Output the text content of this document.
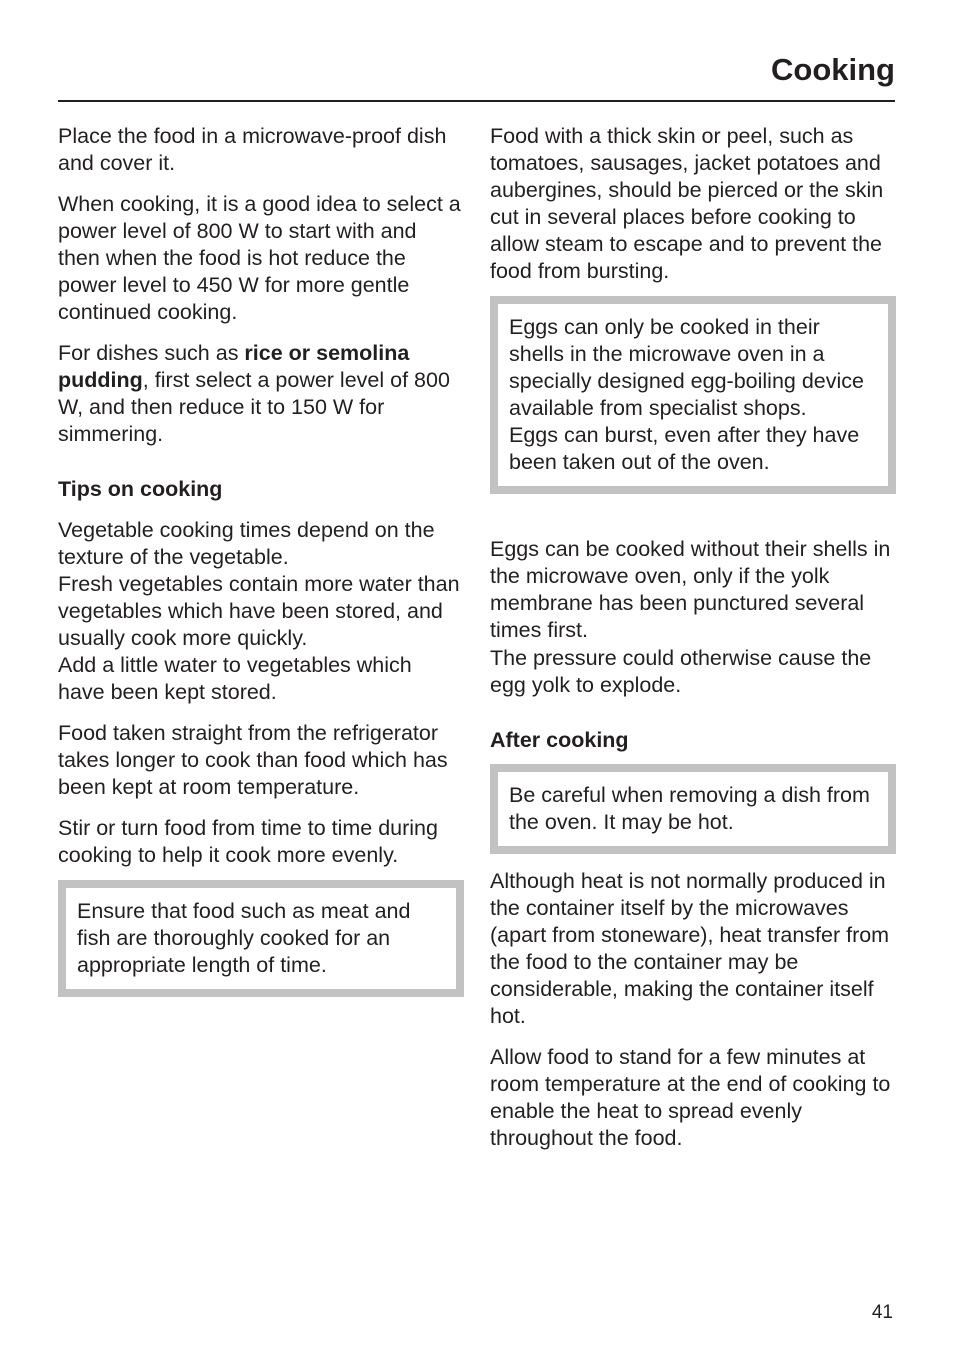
Cooking

Place the food in a microwave-proof dish and cover it.

When cooking, it is a good idea to select a power level of 800 W to start with and then when the food is hot reduce the power level to 450 W for more gentle continued cooking.

For dishes such as rice or semolina pudding, first select a power level of 800 W, and then reduce it to 150 W for simmering.

Tips on cooking

Vegetable cooking times depend on the texture of the vegetable.

Fresh vegetables contain more water than vegetables which have been stored, and usually cook more quickly.

Add a little water to vegetables which have been kept stored.

Food taken straight from the refrigerator takes longer to cook than food which has been kept at room temperature.

Stir or turn food from time to time during cooking to help it cook more evenly.

Ensure that food such as meat and fish are thoroughly cooked for an appropriate length of time.

Food with a thick skin or peel, such as tomatoes, sausages, jacket potatoes and aubergines, should be pierced or the skin cut in several places before cooking to allow steam to escape and to prevent the food from bursting.

Eggs can only be cooked in their shells in the microwave oven in a specially designed egg-boiling device available from specialist shops.

Eggs can burst, even after they have been taken out of the oven.

Eggs can be cooked without their shells in the microwave oven, only if the yolk membrane has been punctured several times first.

The pressure could otherwise cause the egg yolk to explode.

After cooking

Be careful when removing a dish from the oven. It may be hot.

Although heat is not normally produced in the container itself by the microwaves (apart from stoneware), heat transfer from the food to the container may be considerable, making the container itself hot.

Allow food to stand for a few minutes at room temperature at the end of cooking to enable the heat to spread evenly throughout the food.

41
